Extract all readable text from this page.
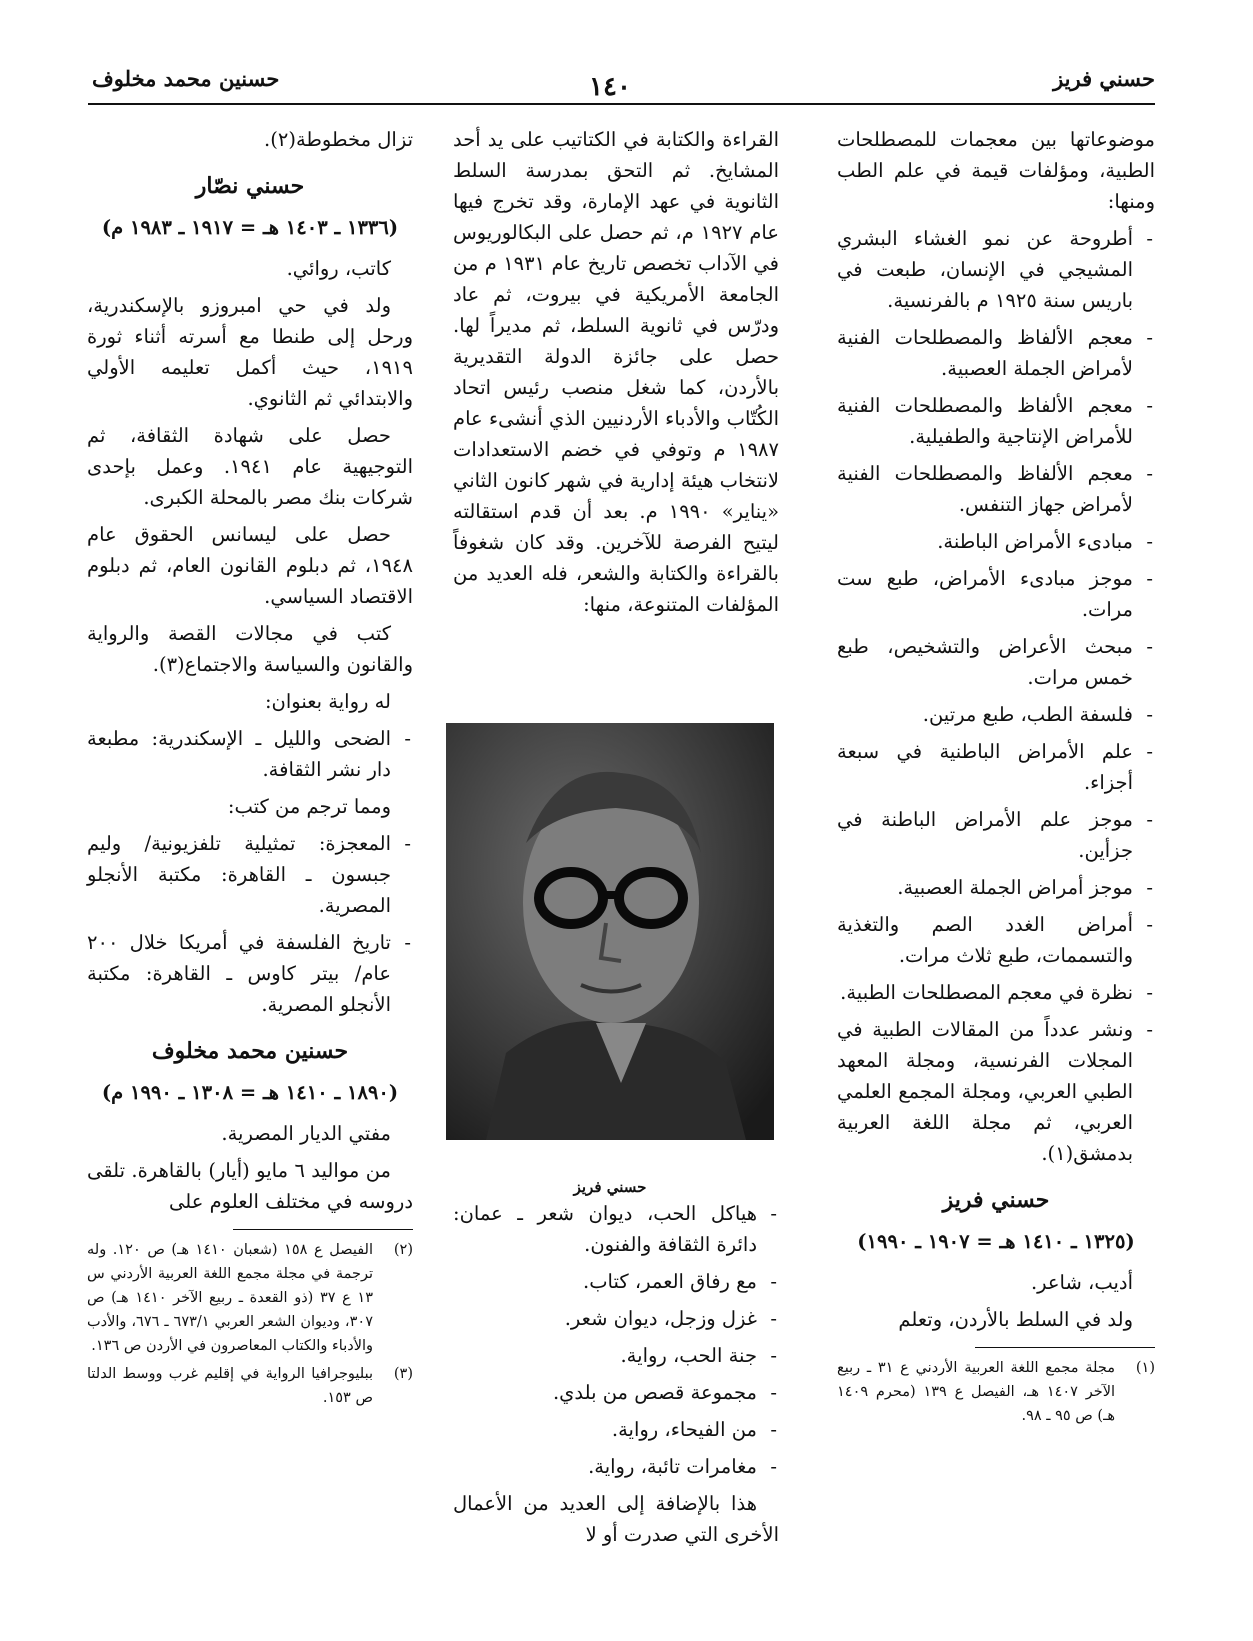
حسني فريز
١٤٠
حسنين محمد مخلوف

موضوعاتها بين معجمات للمصطلحات الطبية، ومؤلفات قيمة في علم الطب ومنها:

- أطروحة عن نمو الغشاء البشري المشيجي في الإنسان، طبعت في باريس سنة ١٩٢٥ م بالفرنسية.
- معجم الألفاظ والمصطلحات الفنية لأمراض الجملة العصبية.
- معجم الألفاظ والمصطلحات الفنية للأمراض الإنتاجية والطفيلية.
- معجم الألفاظ والمصطلحات الفنية لأمراض جهاز التنفس.
- مبادىء الأمراض الباطنة.
- موجز مبادىء الأمراض، طبع ست مرات.
- مبحث الأعراض والتشخيص، طبع خمس مرات.
- فلسفة الطب، طبع مرتين.
- علم الأمراض الباطنية في سبعة أجزاء.
- موجز علم الأمراض الباطنة في جزأين.
- موجز أمراض الجملة العصبية.
- أمراض الغدد الصم والتغذية والتسممات، طبع ثلاث مرات.
- نظرة في معجم المصطلحات الطبية.
- ونشر عدداً من المقالات الطبية في المجلات الفرنسية، ومجلة المعهد الطبي العربي، ومجلة المجمع العلمي العربي، ثم مجلة اللغة العربية بدمشق(١).
حسني فريز
(١٣٢٥ ـ ١٤١٠ هـ = ١٩٠٧ ـ ١٩٩٠)

أديب، شاعر.

ولد في السلط بالأردن، وتعلم

(١)
مجلة مجمع اللغة العربية الأردني ع ٣١ ـ ربيع الآخر ١٤٠٧ هـ، الفيصل ع ١٣٩ (محرم ١٤٠٩ هـ) ص ٩٥ ـ ٩٨.

القراءة والكتابة في الكتاتيب على يد أحد المشايخ. ثم التحق بمدرسة السلط الثانوية في عهد الإمارة، وقد تخرج فيها عام ١٩٢٧ م، ثم حصل على البكالوريوس في الآداب تخصص تاريخ عام ١٩٣١ م من الجامعة الأمريكية في بيروت، ثم عاد ودرّس في ثانوية السلط، ثم مديراً لها. حصل على جائزة الدولة التقديرية بالأردن، كما شغل منصب رئيس اتحاد الكُتّاب والأدباء الأردنيين الذي أنشىء عام ١٩٨٧ م وتوفي في خضم الاستعدادات لانتخاب هيئة إدارية في شهر كانون الثاني «يناير» ١٩٩٠ م. بعد أن قدم استقالته ليتيح الفرصة للآخرين. وقد كان شغوفاً بالقراءة والكتابة والشعر، فله العديد من المؤلفات المتنوعة، منها:

حسني فريز
- هياكل الحب، ديوان شعر ـ عمان: دائرة الثقافة والفنون.
- مع رفاق العمر، كتاب.
- غزل وزجل، ديوان شعر.
- جنة الحب، رواية.
- مجموعة قصص من بلدي.
- من الفيحاء، رواية.
- مغامرات تائبة، رواية.

هذا بالإضافة إلى العديد من الأعمال الأخرى التي صدرت أو لا

تزال مخطوطة(٢).

حسني نصّار
(١٣٣٦ ـ ١٤٠٣ هـ = ١٩١٧ ـ ١٩٨٣ م)

كاتب، روائي.

ولد في حي امبروزو بالإسكندرية، ورحل إلى طنطا مع أسرته أثناء ثورة ١٩١٩، حيث أكمل تعليمه الأولي والابتدائي ثم الثانوي.

حصل على شهادة الثقافة، ثم التوجيهية عام ١٩٤١. وعمل بإحدى شركات بنك مصر بالمحلة الكبرى.

حصل على ليسانس الحقوق عام ١٩٤٨، ثم دبلوم القانون العام، ثم دبلوم الاقتصاد السياسي.

كتب في مجالات القصة والرواية والقانون والسياسة والاجتماع(٣).

له رواية بعنوان:

- الضحى والليل ـ الإسكندرية: مطبعة دار نشر الثقافة.

ومما ترجم من كتب:

- المعجزة: تمثيلية تلفزيونية/ وليم جبسون ـ القاهرة: مكتبة الأنجلو المصرية.
- تاريخ الفلسفة في أمريكا خلال ٢٠٠ عام/ بيتر كاوس ـ القاهرة: مكتبة الأنجلو المصرية.
حسنين محمد مخلوف
(١٨٩٠ ـ ١٤١٠ هـ = ١٣٠٨ ـ ١٩٩٠ م)

مفتي الديار المصرية.

من مواليد ٦ مايو (أيار) بالقاهرة. تلقى دروسه في مختلف العلوم على

(٢)
الفيصل ع ١٥٨ (شعبان ١٤١٠ هـ) ص ١٢٠. وله ترجمة في مجلة مجمع اللغة العربية الأردني س ١٣ ع ٣٧ (ذو القعدة ـ ربيع الآخر ١٤١٠ هـ) ص ٣٠٧، وديوان الشعر العربي ٦٧٣/١ ـ ٦٧٦، والأدب والأدباء والكتاب المعاصرون في الأردن ص ١٣٦.

(٣)
ببليوجرافيا الرواية في إقليم غرب ووسط الدلتا ص ١٥٣.
